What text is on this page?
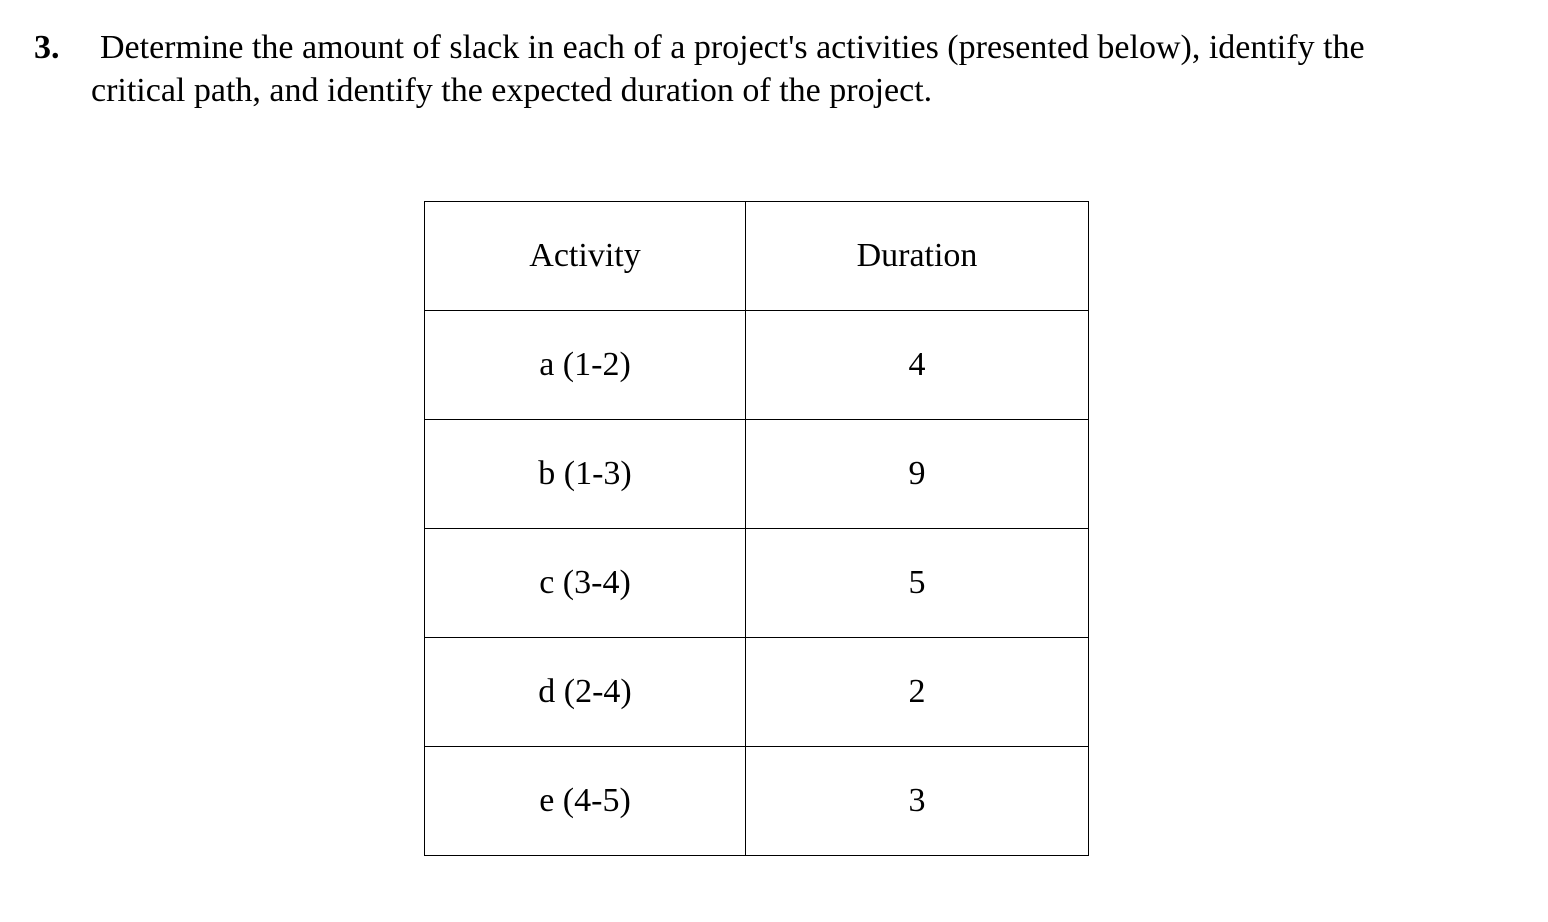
3. Determine the amount of slack in each of a project's activities (presented below), identify the
critical path, and identify the expected duration of the project.
Activity	Duration
a (1-2)	4
b (1-3)	9
c (3-4)	5
d (2-4)	2
e (4-5)	3
